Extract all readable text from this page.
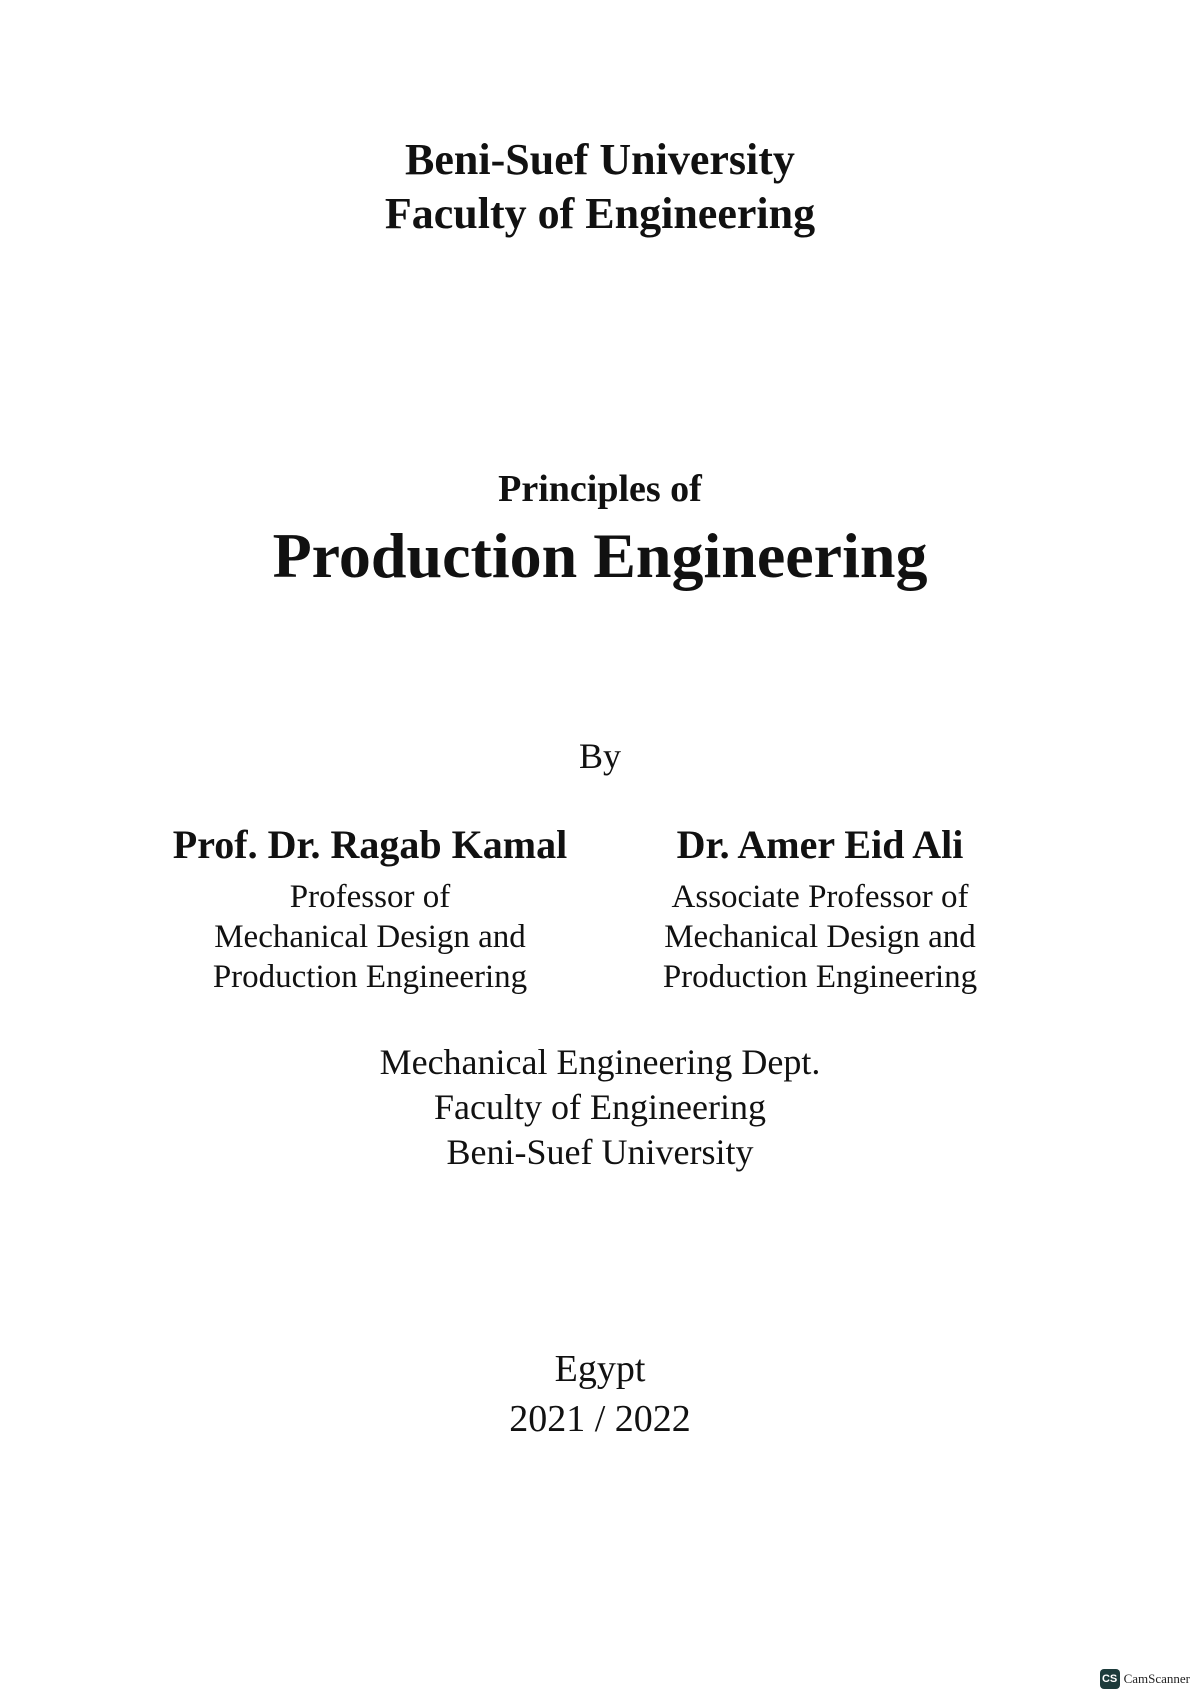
Beni-Suef University
Faculty of Engineering
Principles of
Production Engineering
By
Prof. Dr. Ragab Kamal
Professor of
Mechanical Design and
Production Engineering
Dr. Amer Eid Ali
Associate Professor of
Mechanical Design and
Production Engineering
Mechanical Engineering Dept.
Faculty of Engineering
Beni-Suef University
Egypt
2021 / 2022
CS CamScanner
